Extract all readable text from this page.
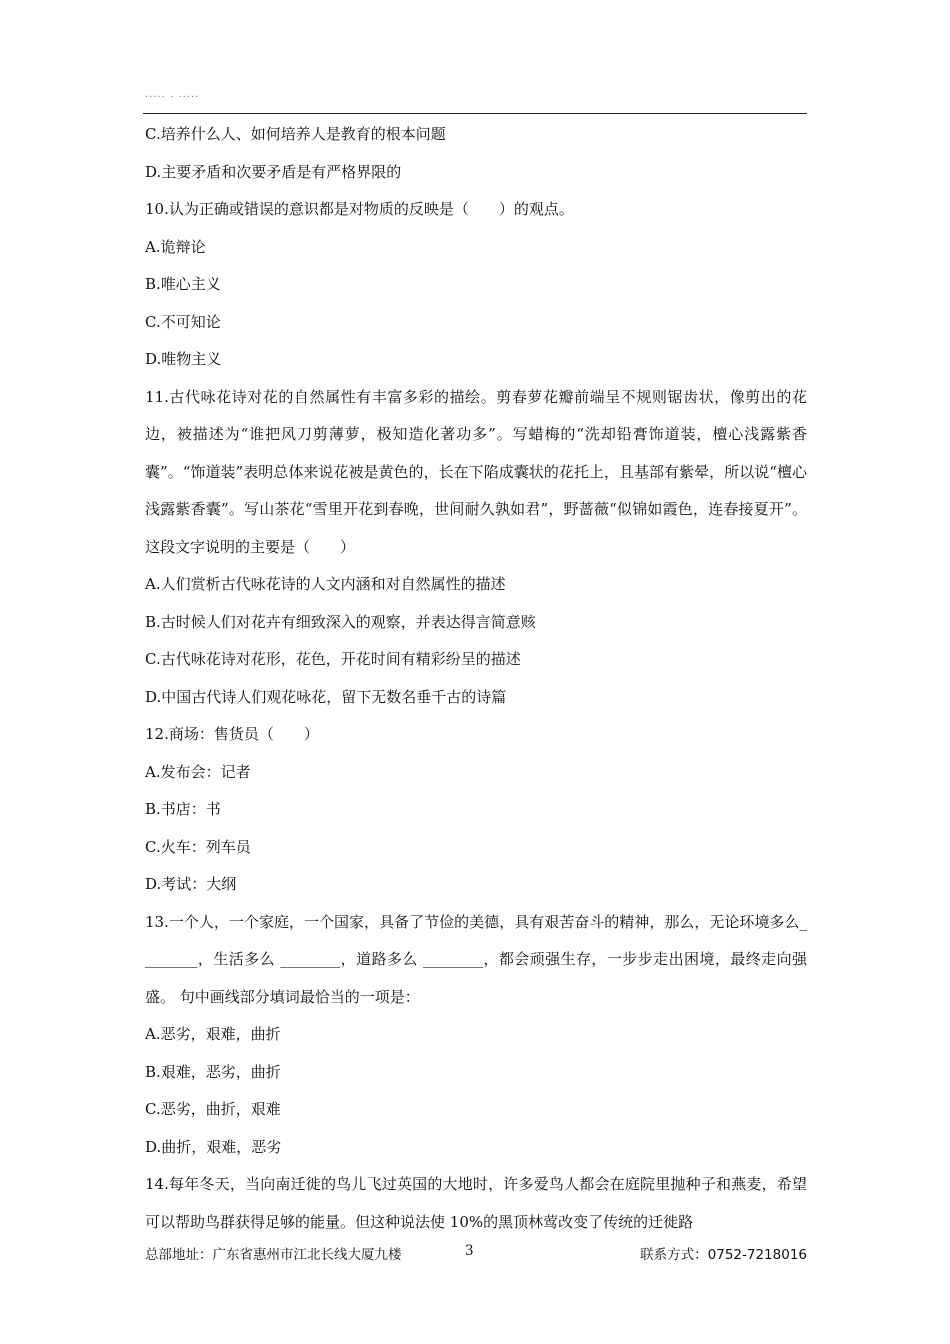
····· · ·····
C.培养什么人、如何培养人是教育的根本问题
D.主要矛盾和次要矛盾是有严格界限的
10.认为正确或错误的意识都是对物质的反映是（　　）的观点。
A.诡辩论
B.唯心主义
C.不可知论
D.唯物主义
11.古代咏花诗对花的自然属性有丰富多彩的描绘。剪春萝花瓣前端呈不规则锯齿状，像剪出的花边，被描述为“谁把风刀剪薄萝，极知造化著功多”。写蜡梅的“洗却铅膏饰道装，檀心浅露紫香囊”。“饰道装”表明总体来说花被是黄色的，长在下陷成囊状的花托上，且基部有紫晕，所以说“檀心浅露紫香囊”。写山茶花“雪里开花到春晚，世间耐久孰如君”，野蔷薇“似锦如霞色，连春接夏开”。 这段文字说明的主要是（　　）
A.人们赏析古代咏花诗的人文内涵和对自然属性的描述
B.古时候人们对花卉有细致深入的观察，并表达得言简意赅
C.古代咏花诗对花形，花色，开花时间有精彩纷呈的描述
D.中国古代诗人们观花咏花，留下无数名垂千古的诗篇
12.商场：售货员（　　）
A.发布会：记者
B.书店：书
C.火车：列车员
D.考试：大纲
13.一个人，一个家庭，一个国家，具备了节俭的美德，具有艰苦奋斗的精神，那么，无论环境多么________，生活多么 ________，道路多么 ________，都会顽强生存，一步步走出困境，最终走向强盛。 句中画线部分填词最恰当的一项是：
A.恶劣，艰难，曲折
B.艰难，恶劣，曲折
C.恶劣，曲折，艰难
D.曲折，艰难，恶劣
14.每年冬天，当向南迁徙的鸟儿飞过英国的大地时，许多爱鸟人都会在庭院里抛种子和燕麦，希望可以帮助鸟群获得足够的能量。但这种说法使 10%的黑顶林莺改变了传统的迁徙路
总部地址：广东省惠州市江北长线大厦九楼	3	联系方式：0752-7218016
